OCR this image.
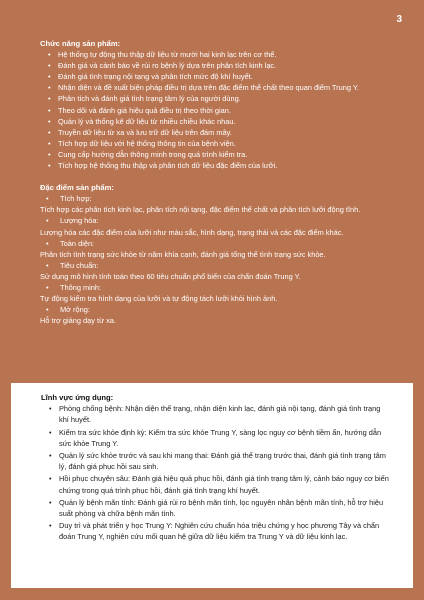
3
Chức năng sản phẩm:
• Hệ thống tự động thu thập dữ liệu từ mười hai kinh lạc trên cơ thể.
• Đánh giá và cảnh báo về rủi ro bệnh lý dựa trên phân tích kinh lạc.
• Đánh giá tình trạng nội tạng và phân tích mức độ khí huyết.
• Nhận diện và đề xuất biện pháp điều trị dựa trên đặc điểm thể chất theo quan điểm Trung Y.
• Phân tích và đánh giá tình trạng tâm lý của người dùng.
• Theo dõi và đánh giá hiệu quả điều trị theo thời gian.
• Quản lý và thống kê dữ liệu từ nhiều chiều khác nhau.
• Truyền dữ liệu từ xa và lưu trữ dữ liệu trên đám mây.
• Tích hợp dữ liệu với hệ thống thông tin của bệnh viện.
• Cung cấp hướng dẫn thông minh trong quá trình kiểm tra.
• Tích hợp hệ thống thu thập và phân tích dữ liệu đặc điểm của lưỡi.
Đặc điểm sản phẩm:
• Tích hợp:
Tích hợp các phân tích kinh lạc, phân tích nội tạng, đặc điểm thể chất và phân tích lưỡi động tĩnh.
• Lượng hóa:
Lượng hóa các đặc điểm của lưỡi như màu sắc, hình dạng, trạng thái và các đặc điểm khác.
• Toàn diện:
Phân tích tình trạng sức khỏe từ năm khía cạnh, đánh giá tổng thể tình trạng sức khỏe.
• Tiêu chuẩn:
Sử dụng mô hình tính toán theo 60 tiêu chuẩn phổ biến của chẩn đoán Trung Y.
• Thông minh:
Tự động kiểm tra hình dạng của lưỡi và tự động tách lưỡi khỏi hình ảnh.
• Mở rộng:
Hỗ trợ giảng dạy từ xa.
Lĩnh vực ứng dụng:
• Phòng chống bệnh: Nhận diện thể trạng, nhận diện kinh lạc, đánh giá nội tạng, đánh giá tình trạng khí huyết.
• Kiểm tra sức khỏe định kỳ: Kiểm tra sức khỏe Trung Y, sàng lọc nguy cơ bệnh tiềm ẩn, hướng dẫn sức khỏe Trung Y.
• Quản lý sức khỏe trước và sau khi mang thai: Đánh giá thể trạng trước thai, đánh giá tình trạng tâm lý, đánh giá phục hồi sau sinh.
• Hồi phục chuyên sâu: Đánh giá hiệu quả phục hồi, đánh giá tình trạng tâm lý, cảnh báo nguy cơ biến chứng trong quá trình phục hồi, đánh giá tình trạng khí huyết.
• Quản lý bệnh mãn tính: Đánh giá rủi ro bệnh mãn tính, lọc nguyên nhân bệnh mãn tính, hỗ trợ hiệu suất phòng và chữa bệnh mãn tính.
• Duy trì và phát triển y học Trung Y: Nghiên cứu chuẩn hóa triệu chứng y học phương Tây và chẩn đoán Trung Y, nghiên cứu mối quan hệ giữa dữ liệu kiểm tra Trung Y và dữ liệu kinh lạc.
